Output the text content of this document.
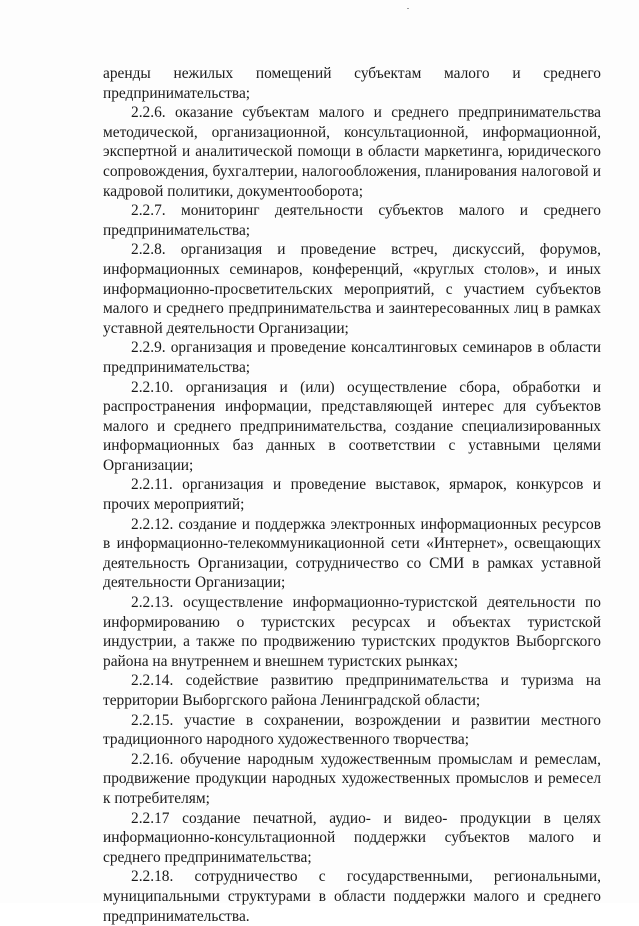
аренды нежилых помещений субъектам малого и среднего предпринимательства;

2.2.6. оказание субъектам малого и среднего предпринимательства методической, организационной, консультационной, информационной, экспертной и аналитической помощи в области маркетинга, юридического сопровождения, бухгалтерии, налогообложения, планирования налоговой и кадровой политики, документооборота;

2.2.7. мониторинг деятельности субъектов малого и среднего предпринимательства;

2.2.8. организация и проведение встреч, дискуссий, форумов, информационных семинаров, конференций, «круглых столов», и иных информационно-просветительских мероприятий, с участием субъектов малого и среднего предпринимательства и заинтересованных лиц в рамках уставной деятельности Организации;

2.2.9. организация и проведение консалтинговых семинаров в области предпринимательства;

2.2.10. организация и (или) осуществление сбора, обработки и распространения информации, представляющей интерес для субъектов малого и среднего предпринимательства, создание специализированных информационных баз данных в соответствии с уставными целями Организации;

2.2.11. организация и проведение выставок, ярмарок, конкурсов и прочих мероприятий;

2.2.12. создание и поддержка электронных информационных ресурсов в информационно-телекоммуникационной сети «Интернет», освещающих деятельность Организации, сотрудничество со СМИ в рамках уставной деятельности Организации;

2.2.13. осуществление информационно-туристской деятельности по информированию о туристских ресурсах и объектах туристской индустрии, а также по продвижению туристских продуктов Выборгского района на внутреннем и внешнем туристских рынках;

2.2.14. содействие развитию предпринимательства и туризма на территории Выборгского района Ленинградской области;

2.2.15. участие в сохранении, возрождении и развитии местного традиционного народного художественного творчества;

2.2.16. обучение народным художественным промыслам и ремеслам, продвижение продукции народных художественных промыслов и ремесел к потребителям;

2.2.17 создание печатной, аудио- и видео- продукции в целях информационно-консультационной поддержки субъектов малого и среднего предпринимательства;

2.2.18. сотрудничество с государственными, региональными, муниципальными структурами в области поддержки малого и среднего предпринимательства.
